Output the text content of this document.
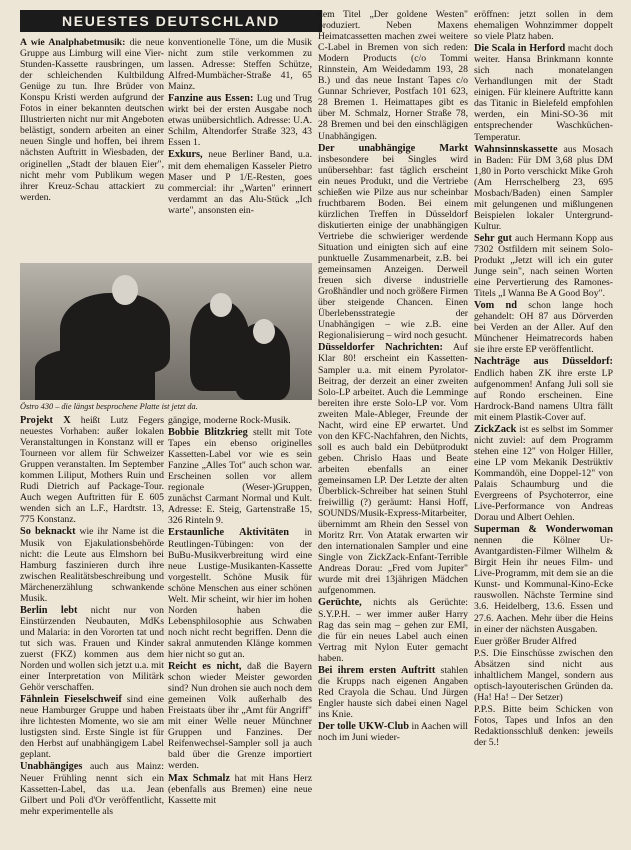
NEUESTES DEUTSCHLAND

A wie Analphabetmusik: die neue Gruppe aus Limburg will eine Vier-Stunden-Kassette rausbringen, um der schleichenden Kultbildung Genüge zu tun. Ihre Brüder von Konspu Kristi werden aufgrund der Fotos in einer bekannten deutschen Illustrierten nicht nur mit Angeboten belästigt, sondern arbeiten an einer neuen Single und hoffen, bei ihrem nächsten Auftritt in Wiesbaden, der originellen „Stadt der blauen Eier", nicht mehr vom Publikum wegen ihrer Kreuz-Schau attackiert zu werden.

konventionelle Töne, um die Musik nicht zum stile verkommen zu lassen. Adresse: Steffen Schütze, Alfred-Mumbächer-Straße 41, 65 Mainz.

Fanzine aus Essen: Lug und Trug wirkt bei der ersten Ausgabe noch etwas unübersichtlich. Adresse: U.A. Schilm, Altendorfer Straße 323, 43 Essen 1.

Exkurs, neue Berliner Band, u.a. mit dem ehemaligen Kasseler Pietro Maser und P 1/E-Resten, goes commercial: ihr „Warten" erinnert verdammt an das Alu-Stück „Ich warte", ansonsten ein-

Östro 430 – die längst besprochene Platte ist jetzt da.

Projekt X heißt Lutz Fegers neuestes Vorhaben: außer lokalen Veranstaltungen in Konstanz will er Tourneen vor allem für Schweizer Gruppen veranstalten. Im September kommen Liliput, Mothers Ruin und Rudi Dietrich auf Package-Tour. Auch wegen Auftritten für E 605 wenden sich an L.F., Hardtstr. 13, 775 Konstanz.

So beknackt wie ihr Name ist die Musik von Ejakulationsbehörde nicht: die Leute aus Elmshorn bei Hamburg faszinieren durch ihre zwischen Realitätsbeschreibung und Märchenerzählung schwankende Musik.

Berlin lebt nicht nur von Einstürzenden Neubauten, MdKs und Malaria: in den Vororten tat und tut sich was. Frauen und Kinder zuerst (FKZ) kommen aus dem Norden und wollen sich jetzt u.a. mit einer Interpretation von Militärk Gehör verschaffen.

Fähnlein Fieselschweif sind eine neue Hamburger Gruppe und haben ihre lichtesten Momente, wo sie am lustigsten sind. Erste Single ist für den Herbst auf unabhängigem Label geplant.

Unabhängiges auch aus Mainz: Neuer Frühling nennt sich ein Kassetten-Label, das u.a. Jean Gilbert und Poli d'Or veröffentlicht, mehr experimentelle als

gängige, moderne Rock-Musik.

Bobbie Blitzkrieg stellt mit Tote Tapes ein ebenso originelles Kassetten-Label vor wie es sein Fanzine „Alles Tot" auch schon war. Erscheinen sollen vor allem regionale (Weser-)Gruppen, zunächst Carmant Normal und Kult. Adresse: E. Steig, Gartenstraße 15, 326 Rinteln 9.

Erstaunliche Aktivitäten in Reutlingen-Tübingen: von der BuBu-Musikverbreitung wird eine neue Lustige-Musikanten-Kassette vorgestellt. Schöne Musik für schöne Menschen aus einer schönen Welt. Mir scheint, wir hier im hohen Norden haben die Lebensphilosophie aus Schwaben noch nicht recht begriffen. Denn die sakral anmutenden Klänge kommen hier nicht so gut an.

Reicht es nicht, daß die Bayern schon wieder Meister geworden sind? Nun drohen sie auch noch dem gemeinen Volk außerhalb des Freistaats über ihr „Amt für Angriff" mit einer Welle neuer Münchner Gruppen und Fanzines. Der Reifenwechsel-Sampler soll ja auch bald über die Grenze importiert werden.

Max Schmalz hat mit Hans Herz (ebenfalls aus Bremen) eine neue Kassette mit

dem Titel „Der goldene Westen" produziert. Neben Maxens Heimatcassetten machen zwei weitere C-Label in Bremen von sich reden: Modern Products (c/o Tommi Rinnstein, Am Weidedamm 193, 28 B.) und das neue Instant Tapes c/o Gunnar Schriever, Postfach 101 623, 28 Bremen 1. Heimattapes gibt es über M. Schmalz, Horner Straße 78, 28 Bremen und bei den einschlägigen Unabhängigen.

Der unabhängige Markt insbesondere bei Singles wird unübersehbar: fast täglich erscheint ein neues Produkt, und die Vertriebe schießen wie Pilze aus nur scheinbar fruchtbarem Boden. Bei einem kürzlichen Treffen in Düsseldorf diskutierten einige der unabhängigen Vertriebe die schwieriger werdende Situation und einigten sich auf eine punktuelle Zusammenarbeit, z.B. bei gemeinsamen Anzeigen. Derweil freuen sich diverse industrielle Großhändler und noch größere Firmen über steigende Chancen. Einen Überlebensstrategie der Unabhängigen – wie z.B. eine Regionalisierung – wird noch gesucht.

Düsseldorfer Nachrichten: Auf Klar 80! erscheint ein Kassetten-Sampler u.a. mit einem Pyrolator-Beitrag, der derzeit an einer zweiten Solo-LP arbeitet. Auch die Lemminge bereiten ihre erste Solo-LP vor. Vom zweiten Male-Ableger, Freunde der Nacht, wird eine EP erwartet. Und von den KFC-Nachfahren, den Nichts, soll es auch bald ein Debütprodukt geben. Chrislo Haas und Beate arbeiten ebenfalls an einer gemeinsamen LP. Der Letzte der alten Überblick-Schreiber hat seinen Stuhl freiwillig (?) geräumt: Hansi Hoff, SOUNDS/Musik-Express-Mitarbeiter, übernimmt am Rhein den Sessel von Moritz Rrr. Von Atatak erwarten wir den internationalen Sampler und eine Single von ZickZack-Enfant-Terrible Andreas Dorau: „Fred vom Jupiter" wurde mit drei 13jährigen Mädchen aufgenommen.

Gerüchte, nichts als Gerüchte: S.Y.P.H. – wer immer außer Harry Rag das sein mag – gehen zur EMI, die für ein neues Label auch einen Vertrag mit Nylon Euter gemacht haben.

Bei ihrem ersten Auftritt stahlen die Krupps nach eigenen Angaben Red Crayola die Schau. Und Jürgen Engler hauste sich dabei einen Nagel ins Knie.

Der tolle UKW-Club in Aachen will noch im Juni wieder-

eröffnen: jetzt sollen in dem ehemaligen Wohnzimmer doppelt so viele Platz haben.

Die Scala in Herford macht doch weiter. Hansa Brinkmann konnte sich nach monatelangen Verhandlungen mit der Stadt einigen. Für kleinere Auftritte kann das Titanic in Bielefeld empfohlen werden, ein Mini-SO-36 mit entsprechender Waschküchen-Temperatur.

Wahnsinnskassette aus Mosach in Baden: Für DM 3,68 plus DM 1,80 in Porto verschickt Mike Groh (Am Herrschelberg 23, 695 Mosbach/Baden) einen Sampler mit gelungenen und mißlungenen Beispielen lokaler Untergrund-Kultur.

Sehr gut auch Hermann Kopp aus 7302 Ostfildern mit seinem Solo-Produkt „Jetzt will ich ein guter Junge sein", nach seinen Worten eine Pervertierung des Ramones-Titels „I Wanna Be A Good Boy".

Vom nd schon lange hoch gehandelt: OH 87 aus Dörverden bei Verden an der Aller. Auf den Münchener Heimatrecords haben sie ihre erste EP veröffentlicht.

Nachträge aus Düsseldorf: Endlich haben ZK ihre erste LP aufgenommen! Anfang Juli soll sie auf Rondo erscheinen. Eine Hardrock-Band namens Ultra fällt mit einem Plastik-Cover auf.

ZickZack ist es selbst im Sommer nicht zuviel: auf dem Programm stehen eine 12" von Holger Hiller, eine LP vom Mekanik Destrüktiv Kommandöh, eine Doppel-12" von Palais Schaumburg und die Evergreens of Psychoterror, eine Live-Performance von Andreas Dorau und Albert Oehlen.

Superman & Wonderwoman nennen die Kölner Ur-Avantgardisten-Filmer Wilhelm & Birgit Hein ihr neues Film- und Live-Programm, mit dem sie an die Kunst- und Kommunal-Kino-Ecke rauswollen. Nächste Termine sind 3.6. Heidelberg, 13.6. Essen und 27.6. Aachen. Mehr über die Heins in einer der nächsten Ausgaben.

Euer größer Bruder Alfred

P.S. Die Einschüsse zwischen den Absätzen sind nicht aus inhaltlichem Mangel, sondern aus optisch-layouterischen Gründen da. (Ha! Ha! – Der Setzer)

P.P.S. Bitte beim Schicken von Fotos, Tapes und Infos an den Redaktionsschluß denken: jeweils der 5.!
